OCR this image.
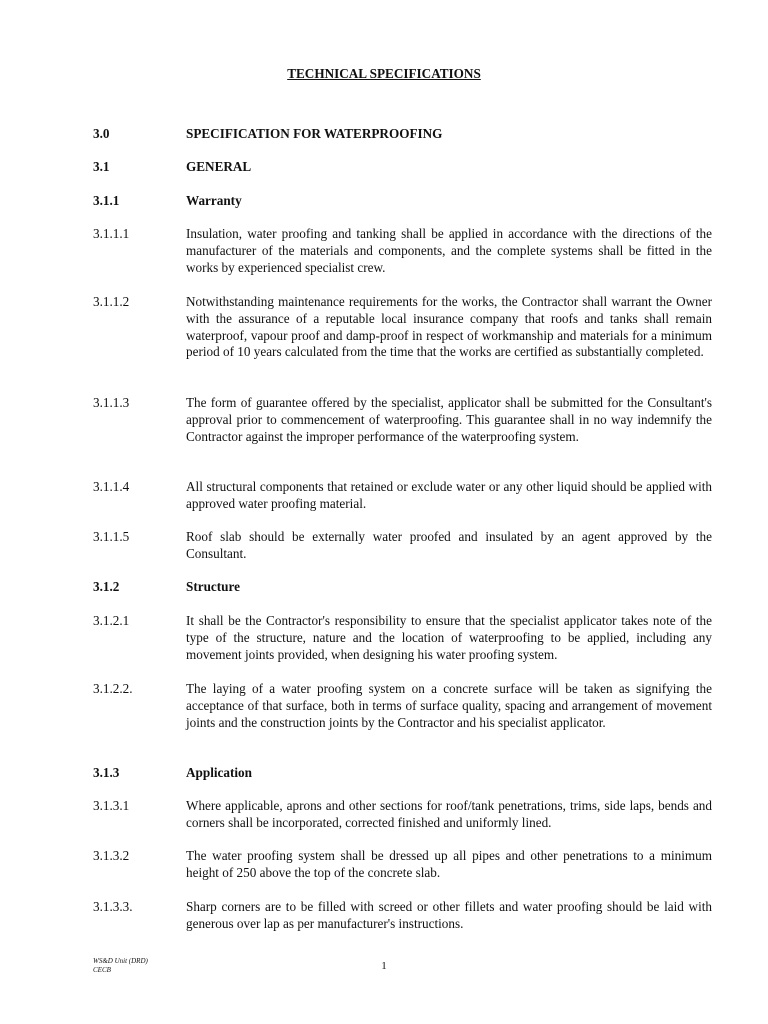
TECHNICAL SPECIFICATIONS
3.0	SPECIFICATION FOR WATERPROOFING
3.1	GENERAL
3.1.1	Warranty
3.1.1.1	Insulation, water proofing and tanking shall be applied in accordance with the directions of the manufacturer of the materials and components, and the complete systems shall be fitted in the works by experienced specialist crew.
3.1.1.2	Notwithstanding maintenance requirements for the works, the Contractor shall warrant the Owner with the assurance of a reputable local insurance company that roofs and tanks shall remain waterproof, vapour proof and damp-proof in respect of workmanship and materials for a minimum period of 10 years calculated from the time that the works are certified as substantially completed.
3.1.1.3	The form of guarantee offered by the specialist, applicator shall be submitted for the Consultant's approval prior to commencement of waterproofing. This guarantee shall in no way indemnify the Contractor against the improper performance of the waterproofing system.
3.1.1.4	All structural components that retained or exclude water or any other liquid should be applied with approved water proofing material.
3.1.1.5	Roof slab should be externally water proofed and insulated by an agent approved by the Consultant.
3.1.2	Structure
3.1.2.1	It shall be the Contractor's responsibility to ensure that the specialist applicator takes note of the type of the structure, nature and the location of waterproofing to be applied, including any movement joints provided, when designing his water proofing system.
3.1.2.2.	The laying of a water proofing system on a concrete surface will be taken as signifying the acceptance of that surface, both in terms of surface quality, spacing and arrangement of movement joints and the construction joints by the Contractor and his specialist applicator.
3.1.3	Application
3.1.3.1	Where applicable, aprons and other sections for roof/tank penetrations, trims, side laps, bends and corners shall be incorporated, corrected finished and uniformly lined.
3.1.3.2	The water proofing system shall be dressed up all pipes and other penetrations to a minimum height of 250 above the top of the concrete slab.
3.1.3.3.	Sharp corners are to be filled with screed or other fillets and water proofing should be laid with generous over lap as per manufacturer's instructions.
WS&D Unit (DRD)
CECB	1
